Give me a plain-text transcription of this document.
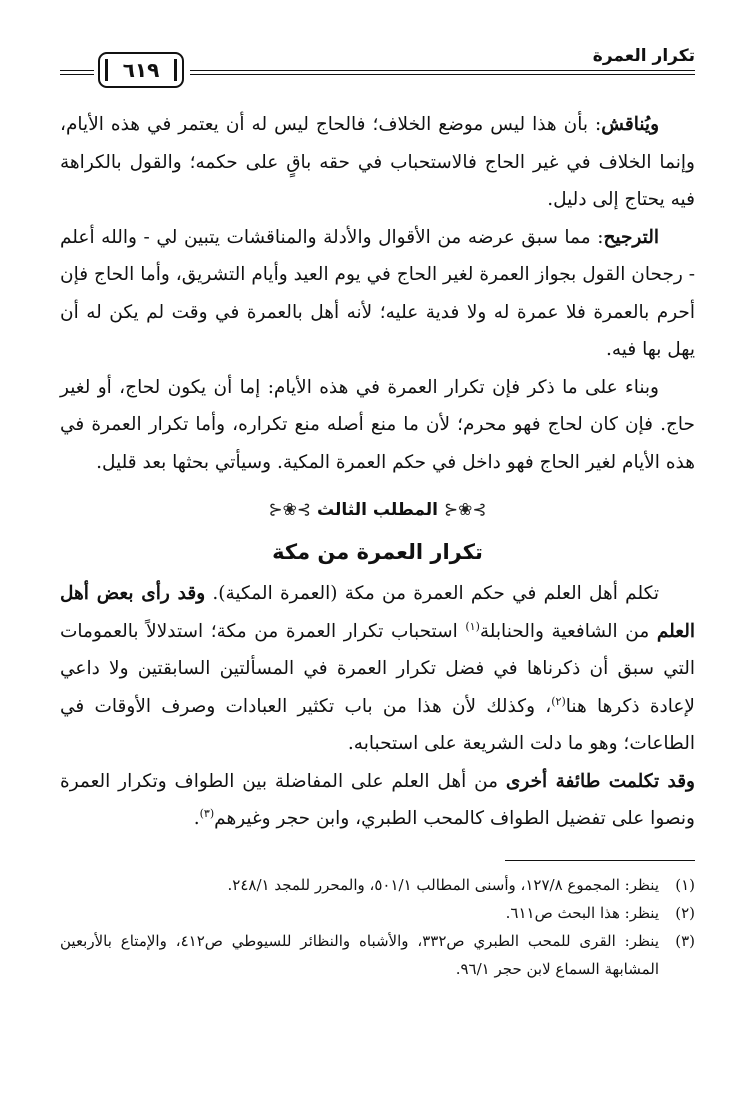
تكرار العمرة
٦١٩

ويُناقش: بأن هذا ليس موضع الخلاف؛ فالحاج ليس له أن يعتمر في هذه الأيام، وإنما الخلاف في غير الحاج فالاستحباب في حقه باقٍ على حكمه؛ والقول بالكراهة فيه يحتاج إلى دليل.

الترجيح: مما سبق عرضه من الأقوال والأدلة والمناقشات يتبين لي - والله أعلم - رجحان القول بجواز العمرة لغير الحاج في يوم العيد وأيام التشريق، وأما الحاج فإن أحرم بالعمرة فلا عمرة له ولا فدية عليه؛ لأنه أهل بالعمرة في وقت لم يكن له أن يهل بها فيه.

وبناء على ما ذكر فإن تكرار العمرة في هذه الأيام: إما أن يكون لحاج، أو لغير حاج. فإن كان لحاج فهو محرم؛ لأن ما منع أصله منع تكراره، وأما تكرار العمرة في هذه الأيام لغير الحاج فهو داخل في حكم العمرة المكية. وسيأتي بحثها بعد قليل.

⊱❀⊰ المطلب الثالث ⊱❀⊰
تكرار العمرة من مكة

تكلم أهل العلم في حكم العمرة من مكة (العمرة المكية). وقد رأى بعض أهل العلم من الشافعية والحنابلة$^{(١)}$ استحباب تكرار العمرة من مكة؛ استدلالاً بالعمومات التي سبق أن ذكرناها في فضل تكرار العمرة في المسألتين السابقتين ولا داعي لإعادة ذكرها هنا$^{(٢)}$، وكذلك لأن هذا من باب تكثير العبادات وصرف الأوقات في الطاعات؛ وهو ما دلت الشريعة على استحبابه.

وقد تكلمت طائفة أخرى من أهل العلم على المفاضلة بين الطواف وتكرار العمرة ونصوا على تفضيل الطواف كالمحب الطبري، وابن حجر وغيرهم$^{(٣)}$.

(١)
ينظر: المجموع ١٢٧/٨، وأسنى المطالب ٥٠١/١، والمحرر للمجد ٢٤٨/١.
(٢)
ينظر: هذا البحث ص٦١١.
(٣)
ينظر: القرى للمحب الطبري ص٣٣٢، والأشباه والنظائر للسيوطي ص٤١٢، والإمتاع بالأربعين المشابهة السماع لابن حجر ٩٦/١.
